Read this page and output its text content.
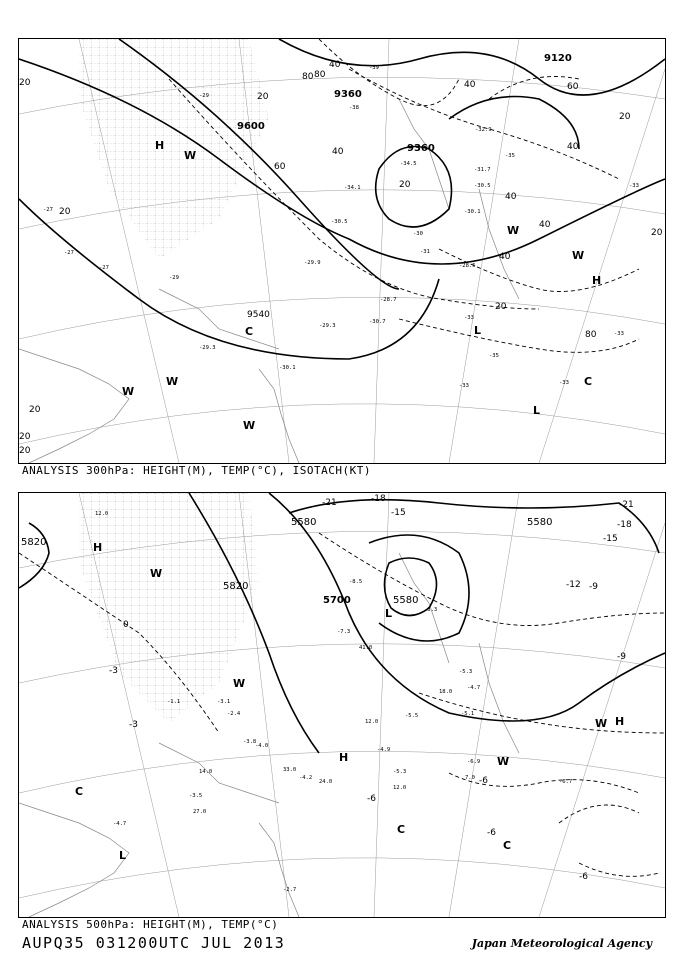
9120
9360
9600
9360
9540
20
40
60
80
40
20
40	60
80
40
20
40
20
20
20
40
20
40
20
80
20
20
H
L
L
C
C
W
W
W
W
W
W
H
-27
-27
-29.3
-34.1
-34.5
-32.9
-31.7
-30.1
-28.5
-28.7
-30.7
-30.5
-29.3
-30.1
-27
-33
-35
-33
-33
-33
-29.9
-30.5
-30
-31
-39
-38
-35
-33
-29
-29
ANALYSIS 300hPa: HEIGHT(M), TEMP(°C), ISOTACH(KT)
5820
5580
5700	5580
5820
5580
-21	-18
-15
-21
-18
-15
-12
-9
-6
-3
0
-3
-6
-6
-9
-6
H
L
H
H
L
C
C
C
W
W
W
W
-7.3
-8.5
-3.3
-5.3
-4.7
-5.1
-4.9
-5.3
-6.7
-6.9
-4.2
-3.8
-2.4
-3.5
-4.7
-2.7
-1.1	-3.1
-5.5
-4.0
12.0
18.0
41.0
24.0
14.0
7.0
12.0
27.0
12.0
33.0
ANALYSIS 500hPa: HEIGHT(M), TEMP(°C)
AUPQ35 031200UTC JUL 2013	Japan Meteorological Agency
